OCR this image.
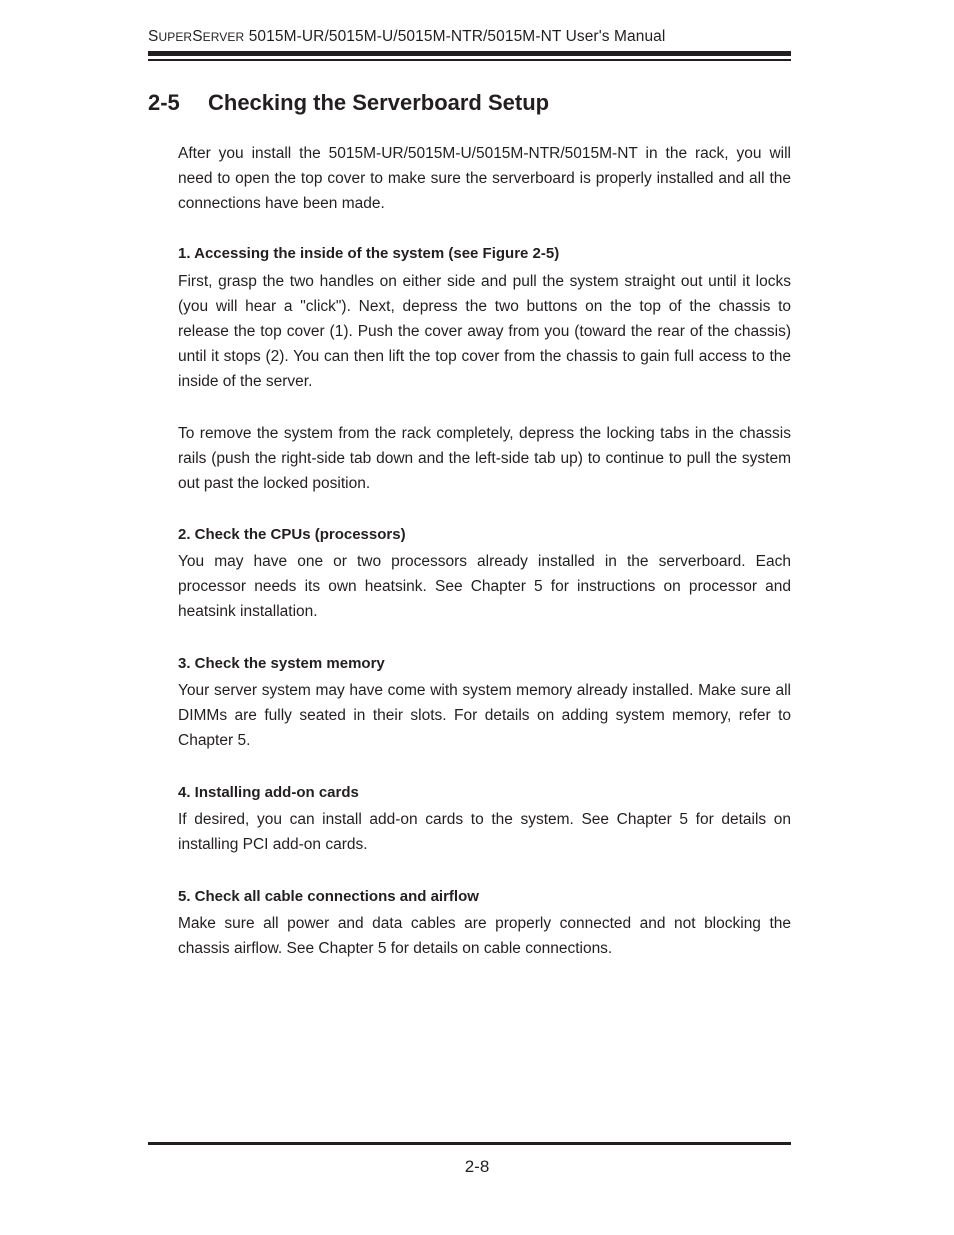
SUPERSERVER 5015M-UR/5015M-U/5015M-NTR/5015M-NT User's Manual
2-5 Checking the Serverboard Setup

After you install the 5015M-UR/5015M-U/5015M-NTR/5015M-NT in the rack, you will need to open the top cover to make sure the serverboard is properly installed and all the connections have been made.

1. Accessing the inside of the system (see Figure 2-5)

First, grasp the two handles on either side and pull the system straight out until it locks (you will hear a "click"). Next, depress the two buttons on the top of the chassis to release the top cover (1). Push the cover away from you (toward the rear of the chassis) until it stops (2). You can then lift the top cover from the chassis to gain full access to the inside of the server.

To remove the system from the rack completely, depress the locking tabs in the chassis rails (push the right-side tab down and the left-side tab up) to continue to pull the system out past the locked position.

2. Check the CPUs (processors)

You may have one or two processors already installed in the serverboard. Each processor needs its own heatsink. See Chapter 5 for instructions on processor and heatsink installation.

3. Check the system memory

Your server system may have come with system memory already installed. Make sure all DIMMs are fully seated in their slots. For details on adding system memory, refer to Chapter 5.

4. Installing add-on cards

If desired, you can install add-on cards to the system. See Chapter 5 for details on installing PCI add-on cards.

5. Check all cable connections and airflow

Make sure all power and data cables are properly connected and not blocking the chassis airflow. See Chapter 5 for details on cable connections.

2-8
